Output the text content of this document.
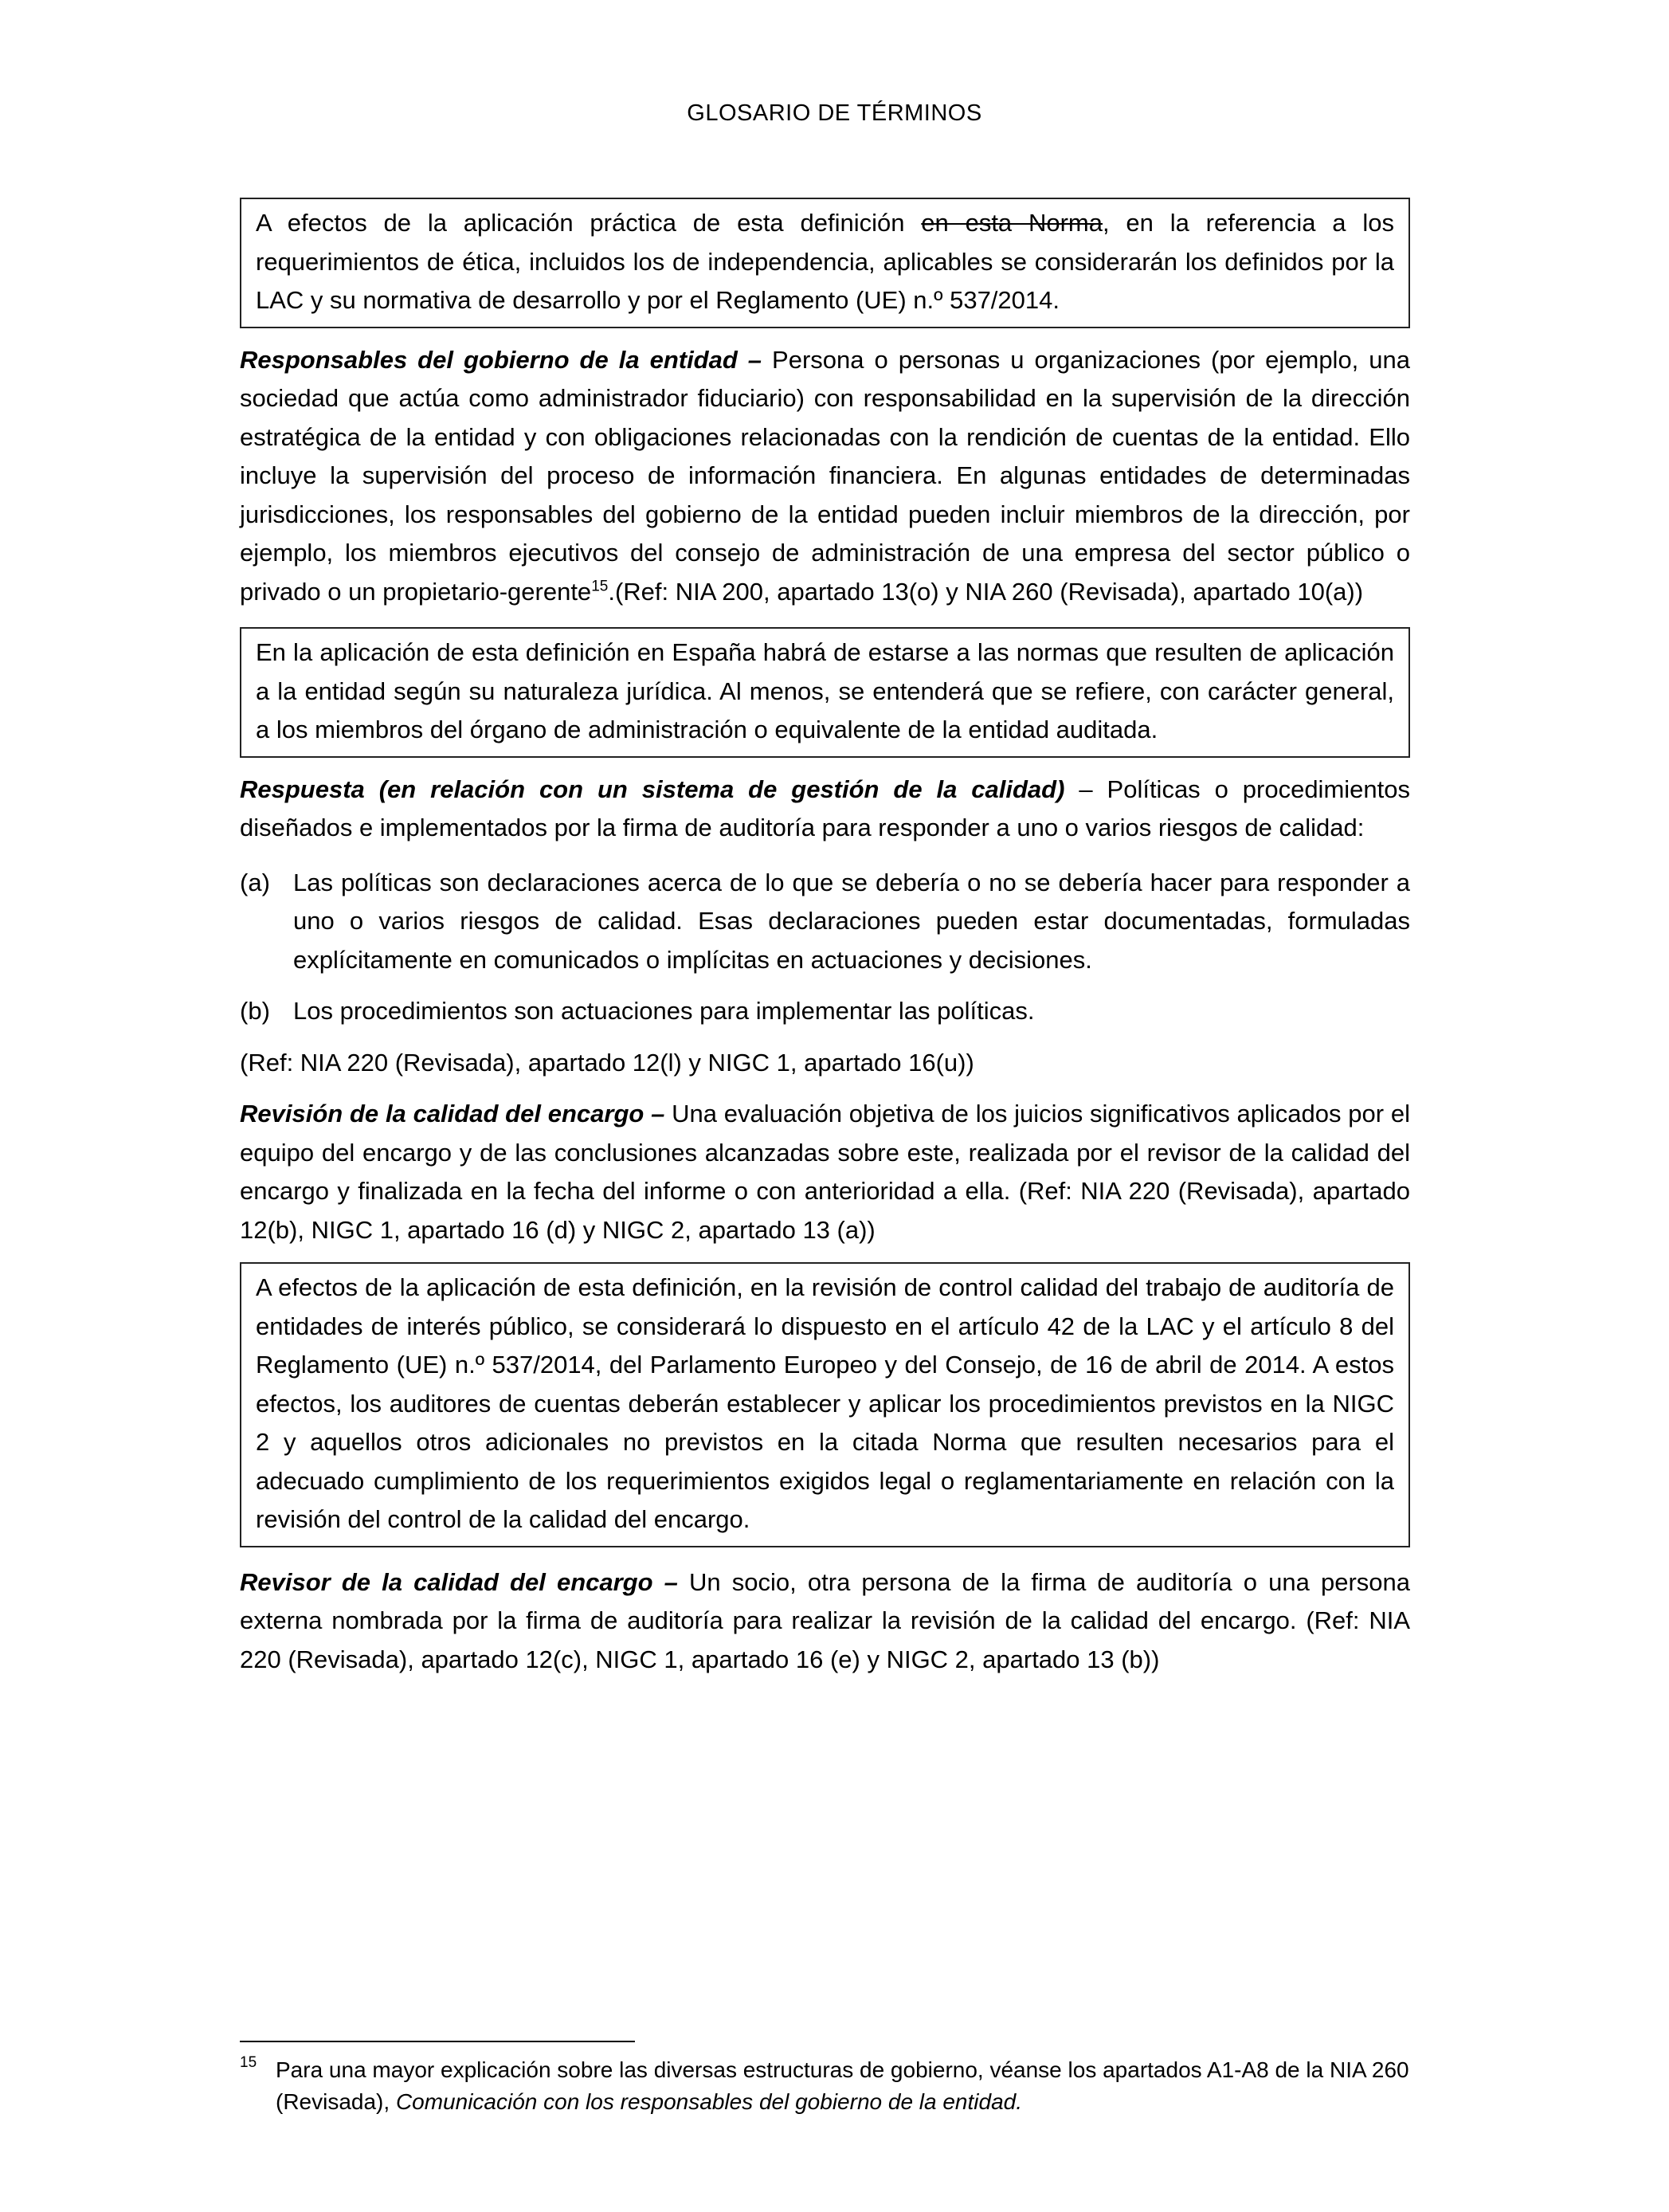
GLOSARIO DE TÉRMINOS

A efectos de la aplicación práctica de esta definición en esta Norma, en la referencia a los requerimientos de ética, incluidos los de independencia, aplicables se considerarán los definidos por la LAC y su normativa de desarrollo y por el Reglamento (UE) n.º 537/2014.

Responsables del gobierno de la entidad – Persona o personas u organizaciones (por ejemplo, una sociedad que actúa como administrador fiduciario) con responsabilidad en la supervisión de la dirección estratégica de la entidad y con obligaciones relacionadas con la rendición de cuentas de la entidad. Ello incluye la supervisión del proceso de información financiera. En algunas entidades de determinadas jurisdicciones, los responsables del gobierno de la entidad pueden incluir miembros de la dirección, por ejemplo, los miembros ejecutivos del consejo de administración de una empresa del sector público o privado o un propietario-gerente$^{15}$.(Ref: NIA 200, apartado 13(o) y NIA 260 (Revisada), apartado 10(a))

En la aplicación de esta definición en España habrá de estarse a las normas que resulten de aplicación a la entidad según su naturaleza jurídica. Al menos, se entenderá que se refiere, con carácter general, a los miembros del órgano de administración o equivalente de la entidad auditada.

Respuesta (en relación con un sistema de gestión de la calidad) – Políticas o procedimientos diseñados e implementados por la firma de auditoría para responder a uno o varios riesgos de calidad:

(a) Las políticas son declaraciones acerca de lo que se debería o no se debería hacer para responder a uno o varios riesgos de calidad. Esas declaraciones pueden estar documentadas, formuladas explícitamente en comunicados o implícitas en actuaciones y decisiones.
(b) Los procedimientos son actuaciones para implementar las políticas.

(Ref: NIA 220 (Revisada), apartado 12(l) y NIGC 1, apartado 16(u))

Revisión de la calidad del encargo – Una evaluación objetiva de los juicios significativos aplicados por el equipo del encargo y de las conclusiones alcanzadas sobre este, realizada por el revisor de la calidad del encargo y finalizada en la fecha del informe o con anterioridad a ella. (Ref: NIA 220 (Revisada), apartado 12(b), NIGC 1, apartado 16 (d) y NIGC 2, apartado 13 (a))

A efectos de la aplicación de esta definición, en la revisión de control calidad del trabajo de auditoría de entidades de interés público, se considerará lo dispuesto en el artículo 42 de la LAC y el artículo 8 del Reglamento (UE) n.º 537/2014, del Parlamento Europeo y del Consejo, de 16 de abril de 2014. A estos efectos, los auditores de cuentas deberán establecer y aplicar los procedimientos previstos en la NIGC 2 y aquellos otros adicionales no previstos en la citada Norma que resulten necesarios para el adecuado cumplimiento de los requerimientos exigidos legal o reglamentariamente en relación con la revisión del control de la calidad del encargo.

Revisor de la calidad del encargo – Un socio, otra persona de la firma de auditoría o una persona externa nombrada por la firma de auditoría para realizar la revisión de la calidad del encargo. (Ref: NIA 220 (Revisada), apartado 12(c), NIGC 1, apartado 16 (e) y NIGC 2, apartado 13 (b))

15 Para una mayor explicación sobre las diversas estructuras de gobierno, véanse los apartados A1-A8 de la NIA 260 (Revisada), Comunicación con los responsables del gobierno de la entidad.
